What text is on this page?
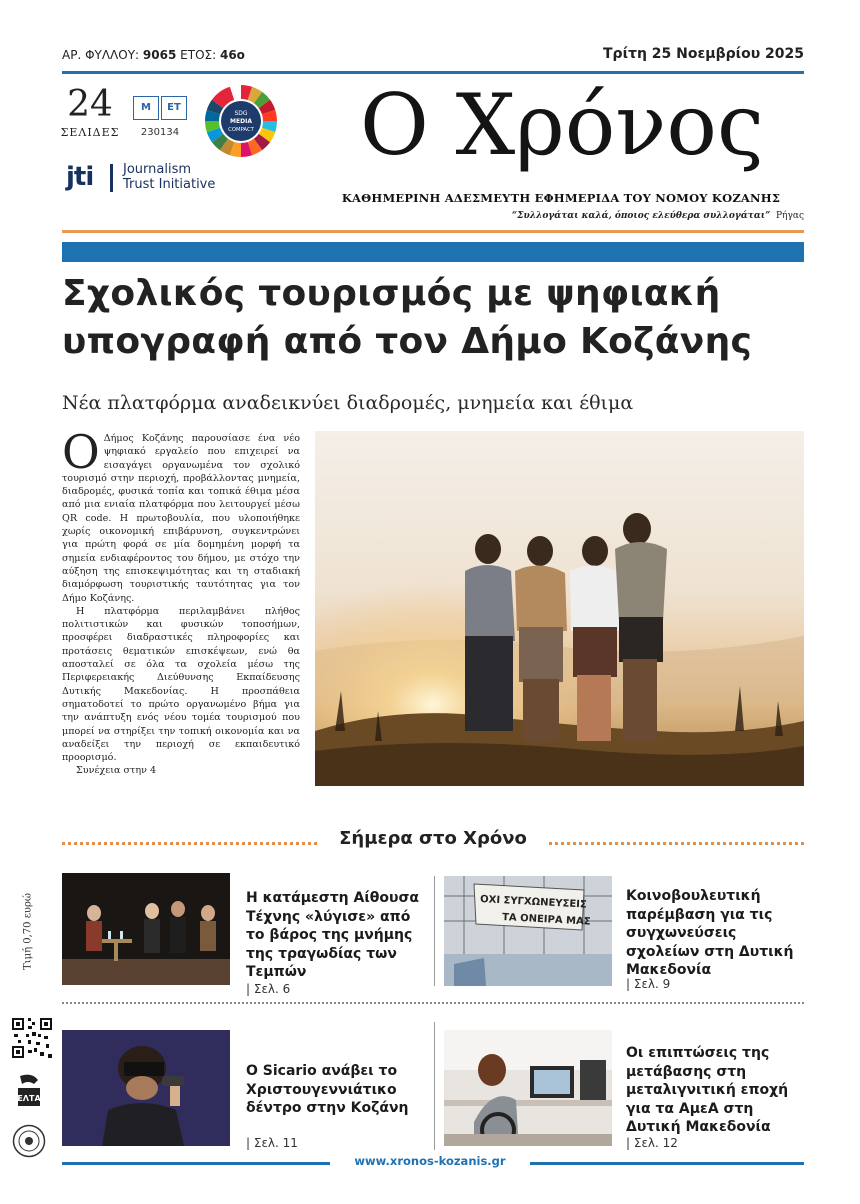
ΑΡ. ΦΥΛΛΟΥ: 9065 ΕΤΟΣ: 46ο	Τρίτη 25 Νοεμβρίου 2025
24
ΣΕΛΙΔΕΣ
Μ	ΕΤ
230134
SDG
MEDIA
COMPACT
jti Journalism
Trust Initiative
Ο Χρόνος
ΚΑΘΗΜΕΡΙΝΗ ΑΔΕΣΜΕΥΤΗ ΕΦΗΜΕΡΙΔΑ ΤΟΥ ΝΟΜΟΥ ΚΟΖΑΝΗΣ
“Συλλογάται καλά, όποιος ελεύθερα συλλογάται” Ρήγας
Σχολικός τουρισμός με ψηφιακή
υπογραφή από τον Δήμο Κοζάνης
Νέα πλατφόρμα αναδεικνύει διαδρομές, μνημεία και έθιμα

Ο Δήμος Κοζάνης παρουσίασε ένα νέο ψηφιακό εργαλείο που επιχειρεί να εισαγάγει οργανωμένα τον σχολικό τουρισμό στην περιοχή, προβάλλοντας μνημεία, διαδρομές, φυσικά τοπία και τοπικά έθιμα μέσα από μια ενιαία πλατφόρμα που λειτουργεί μέσω QR code. Η πρωτοβουλία, που υλοποιήθηκε χωρίς οικονομική επιβάρυνση, συγκεντρώνει για πρώτη φορά σε μία δομημένη μορφή τα σημεία ενδιαφέροντος του δήμου, με στόχο την αύξηση της επισκεψιμότητας και τη σταδιακή διαμόρφωση τουριστικής ταυτότητας για τον Δήμο Κοζάνης.

Η πλατφόρμα περιλαμβάνει πλήθος πολιτιστικών και φυσικών τοποσήμων, προσφέρει διαδραστικές πληροφορίες και προτάσεις θεματικών επισκέψεων, ενώ θα αποσταλεί σε όλα τα σχολεία μέσω της Περιφερειακής Διεύθυνσης Εκπαίδευσης Δυτικής Μακεδονίας. Η προσπάθεια σηματοδοτεί το πρώτο οργανωμένο βήμα για την ανάπτυξη ενός νέου τομέα τουρισμού που μπορεί να στηρίξει την τοπική οικονομία και να αναδείξει την περιοχή σε εκπαιδευτικό προορισμό.

Συνέχεια στην 4

Σήμερα στο Χρόνο
Η κατάμεστη Αίθουσα Τέχνης «λύγισε» από το βάρος της μνήμης της τραγωδίας των Τεμπών
| Σελ. 6
ΟΧΙ ΣΥΓΧΩΝΕΥΣΕΙΣ
ΤΑ ΟΝΕΙΡΑ ΜΑΣ
Κοινοβουλευτική παρέμβαση για τις συγχωνεύσεις σχολείων στη Δυτική Μακεδονία
| Σελ. 9
Ο Sicario ανάβει το Χριστουγεννιάτικο δέντρο στην Κοζάνη
| Σελ. 11
Οι επιπτώσεις της μετάβασης στη μεταλιγνιτική εποχή για τα ΑμεΑ στη Δυτική Μακεδονία
| Σελ. 12
Τιμή 0,70 ευρώ
ΕΛΤΑ
www.xronos-kozanis.gr
